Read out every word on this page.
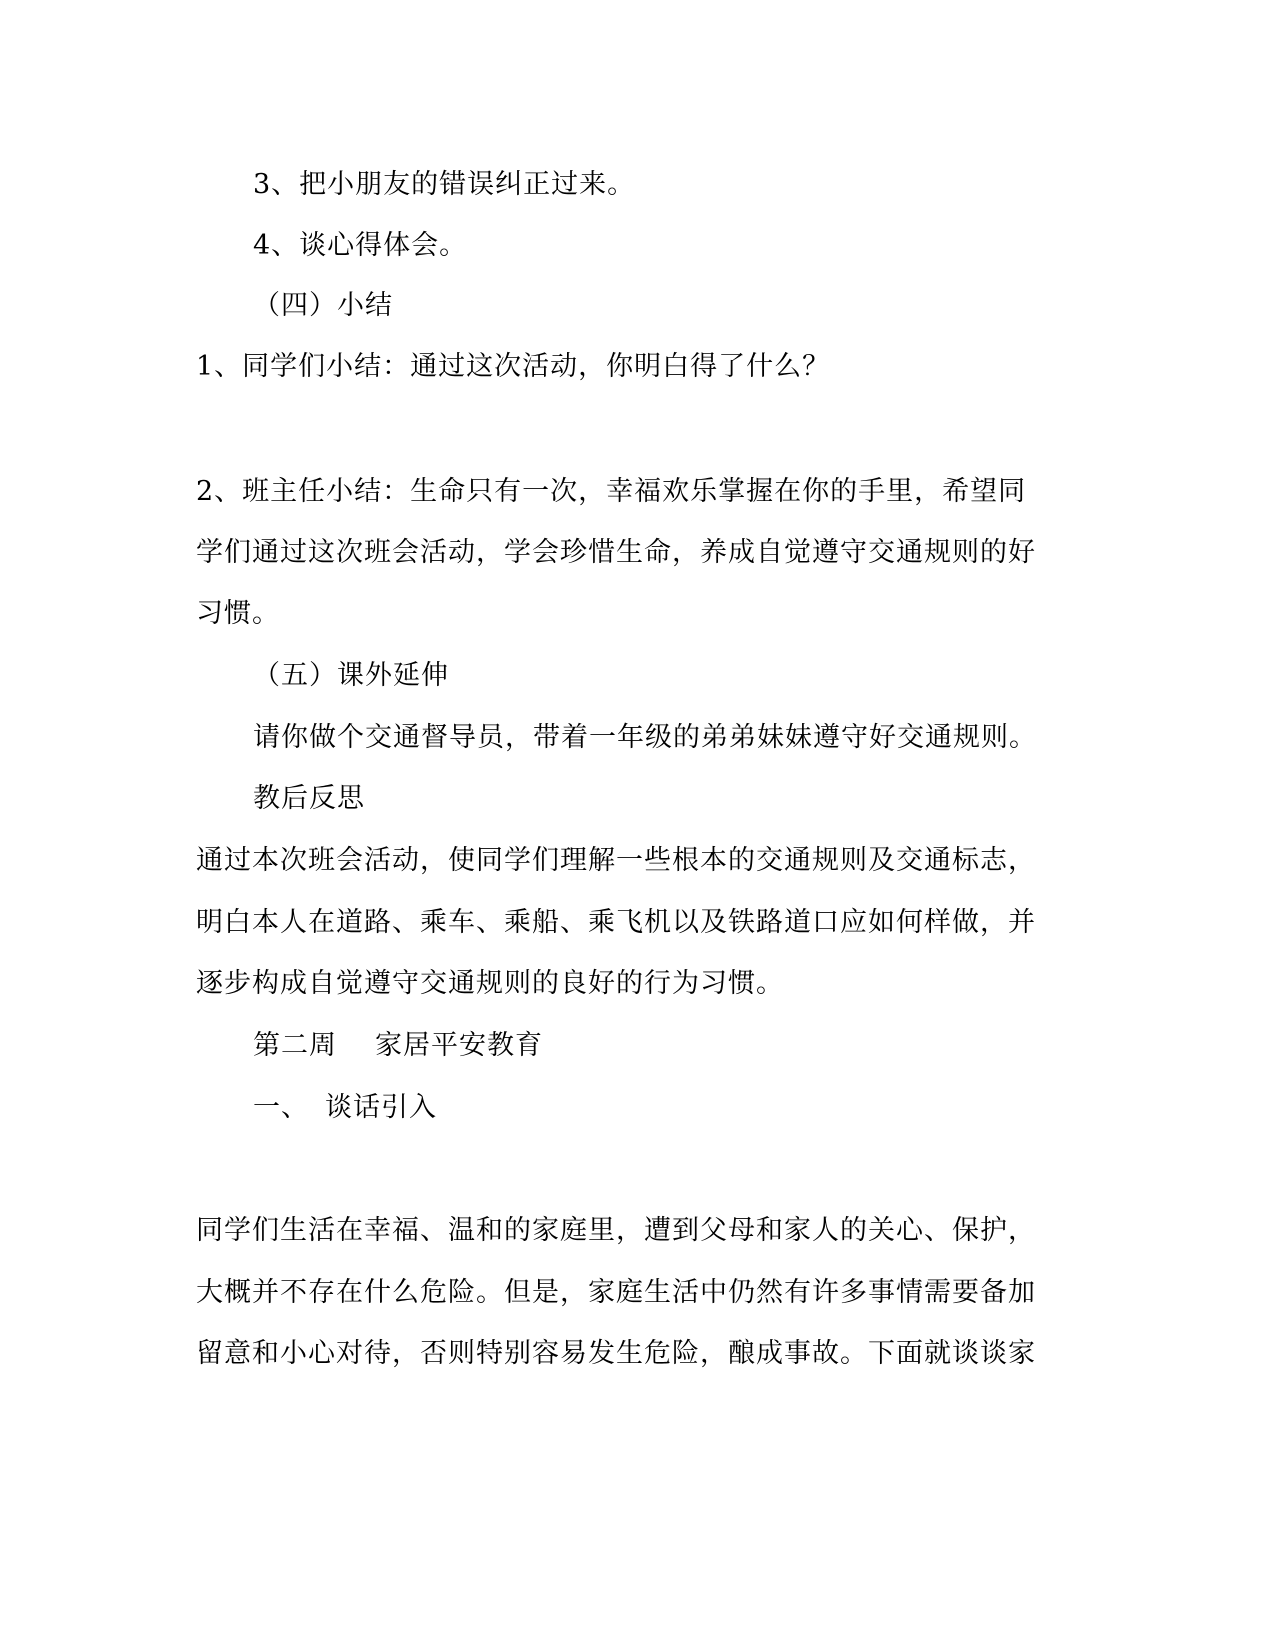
3、把小朋友的错误纠正过来。
4、谈心得体会。
（四）小结
1、同学们小结：通过这次活动，你明白得了什么？
2、班主任小结：生命只有一次，幸福欢乐掌握在你的手里，希望同
学们通过这次班会活动，学会珍惜生命，养成自觉遵守交通规则的好
习惯。
（五）课外延伸
请你做个交通督导员，带着一年级的弟弟妹妹遵守好交通规则。
教后反思
通过本次班会活动，使同学们理解一些根本的交通规则及交通标志，
明白本人在道路、乘车、乘船、乘飞机以及铁路道口应如何样做，并
逐步构成自觉遵守交通规则的良好的行为习惯。
第二周 家居平安教育
一、 谈话引入
同学们生活在幸福、温和的家庭里，遭到父母和家人的关心、保护，
大概并不存在什么危险。但是，家庭生活中仍然有许多事情需要备加
留意和小心对待，否则特别容易发生危险，酿成事故。下面就谈谈家
